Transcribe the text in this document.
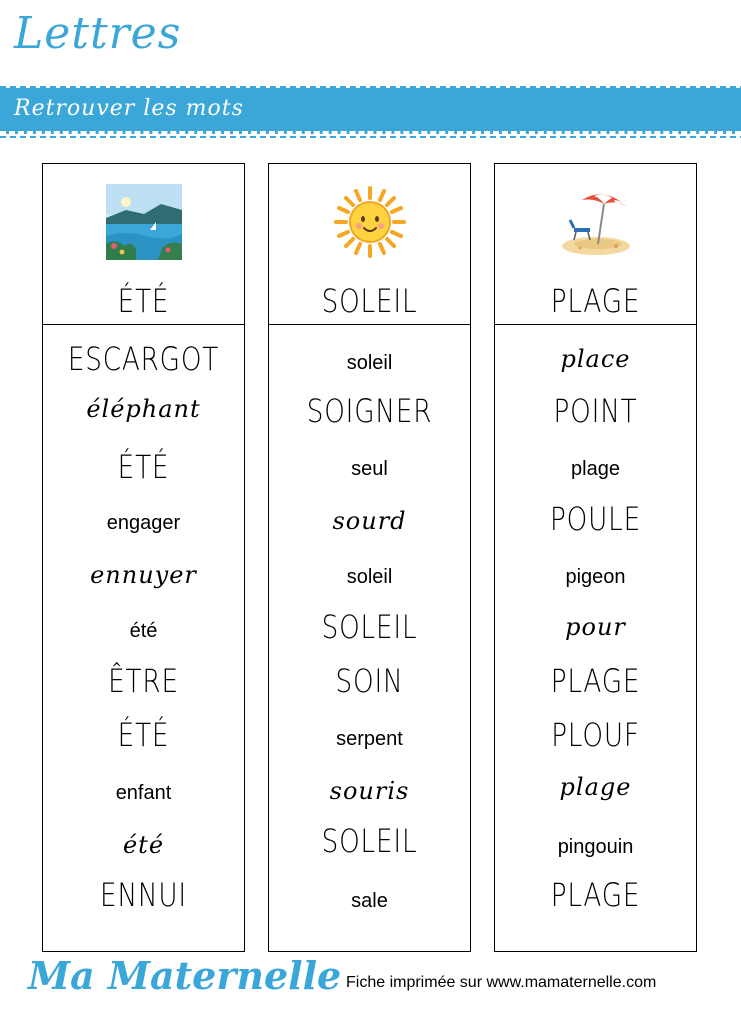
Lettres
Retrouver les mots
ÉTÉ
ESCARGOT
éléphant
ÉTÉ
engager
ennuyer
été
ÊTRE
ÉTÉ
enfant
été
ENNUI
SOLEIL
soleil
SOIGNER
seul
sourd
soleil
SOLEIL
SOIN
serpent
souris
SOLEIL
sale
PLAGE
place
POINT
plage
POULE
pigeon
pour
PLAGE
PLOUF
plage
pingouin
PLAGE
Ma Maternelle Fiche imprimée sur www.mamaternelle.com
